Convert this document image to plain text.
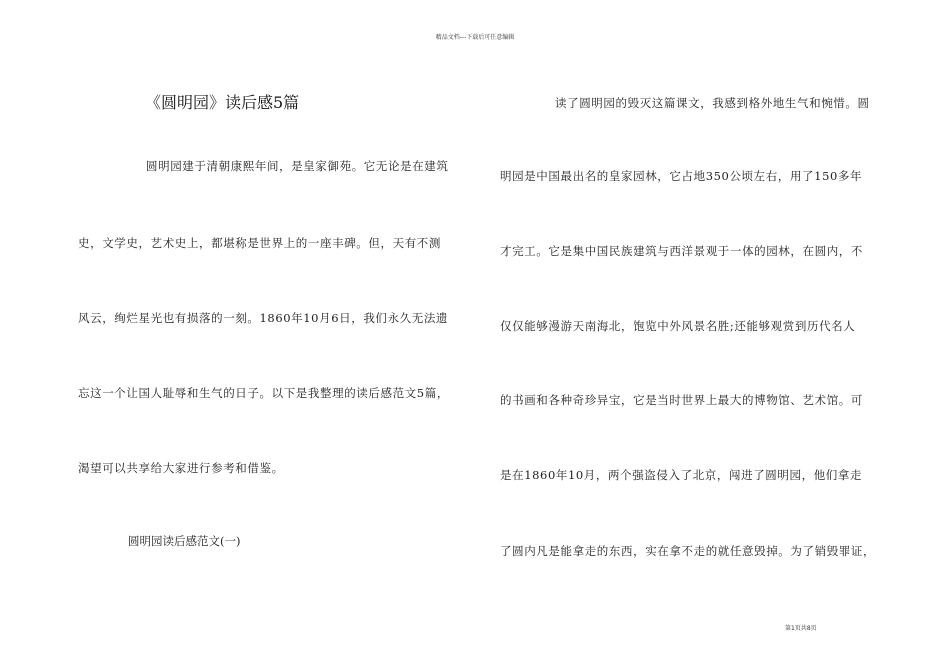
精品文档---下载后可任意编辑
《圆明园》读后感5篇
圆明园建于清朝康熙年间，是皇家御苑。它无论是在建筑
史，文学史，艺术史上，都堪称是世界上的一座丰碑。但，天有不测
风云，绚烂星光也有损落的一刻。1860年10月6日，我们永久无法遗
忘这一个让国人耻辱和生气的日子。以下是我整理的读后感范文5篇，
渴望可以共享给大家进行参考和借鉴。
圆明园读后感范文(一)
读了圆明园的毁灭这篇课文，我感到格外地生气和惋惜。圆
明园是中国最出名的皇家园林，它占地350公顷左右，用了150多年
才完工。它是集中国民族建筑与西洋景观于一体的园林，在圆内，不
仅仅能够漫游天南海北，饱览中外风景名胜;还能够观赏到历代名人
的书画和各种奇珍异宝，它是当时世界上最大的博物馆、艺术馆。可
是在1860年10月，两个强盗侵入了北京，闯进了圆明园，他们拿走
了圆内凡是能拿走的东西，实在拿不走的就任意毁掉。为了销毁罪证，
第1页共8页
